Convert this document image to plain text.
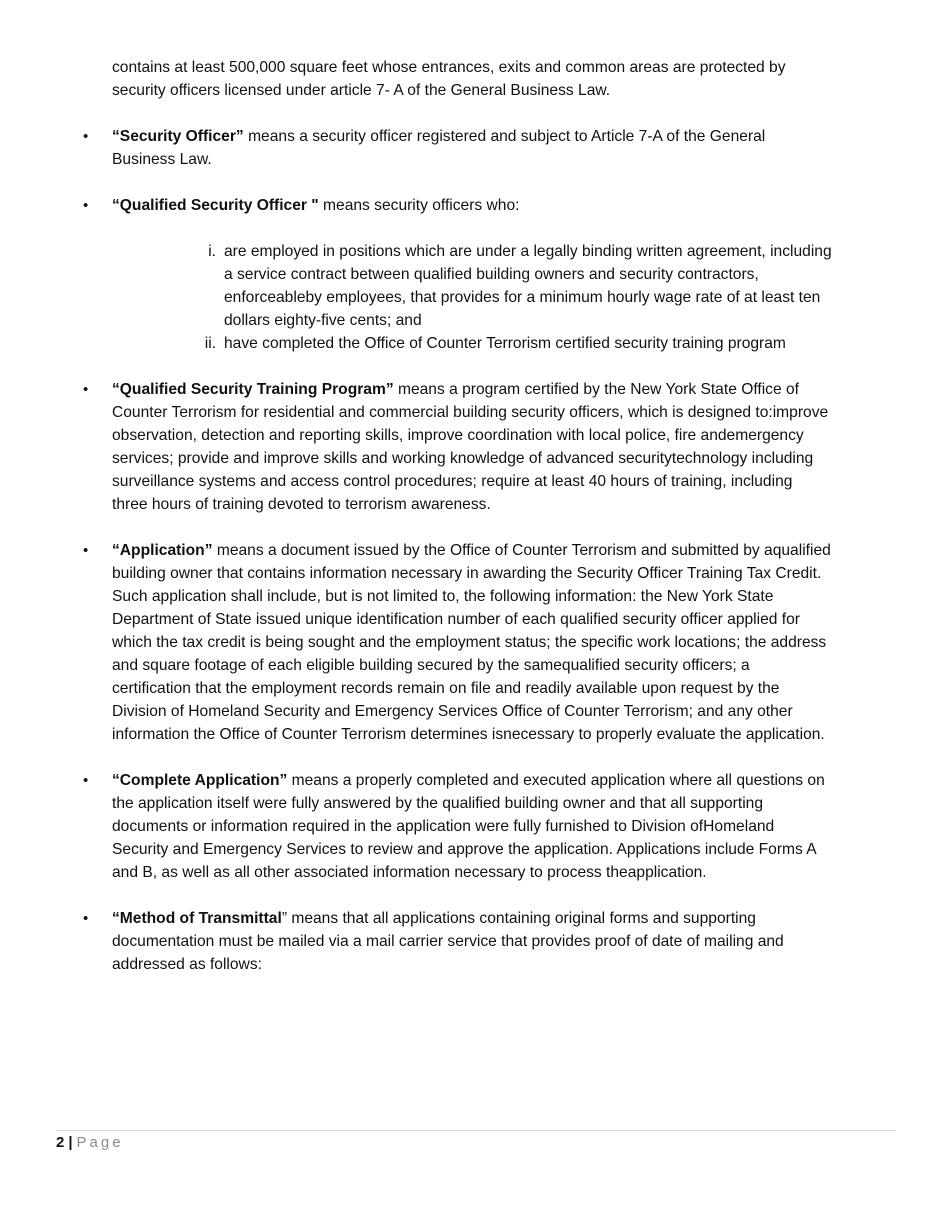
contains at least 500,000 square feet whose entrances, exits and common areas are protected by security officers licensed under article 7- A of the General Business Law.

•	“Security Officer” means a security officer registered and subject to Article 7-A of the General Business Law.
•	“Qualified Security Officer " means security officers who:
i. are employed in positions which are under a legally binding written agreement, including a service contract between qualified building owners and security contractors, enforceableby employees, that provides for a minimum hourly wage rate of at least ten dollars eighty-five cents; and
ii. have completed the Office of Counter Terrorism certified security training program
•	“Qualified Security Training Program” means a program certified by the New York State Office of Counter Terrorism for residential and commercial building security officers, which is designed to:improve observation, detection and reporting skills, improve coordination with local police, fire andemergency services; provide and improve skills and working knowledge of advanced securitytechnology including surveillance systems and access control procedures; require at least 40 hours of training, including three hours of training devoted to terrorism awareness.
•	“Application” means a document issued by the Office of Counter Terrorism and submitted by aqualified building owner that contains information necessary in awarding the Security Officer Training Tax Credit. Such application shall include, but is not limited to, the following information: the New York State Department of State issued unique identification number of each qualified security officer applied for which the tax credit is being sought and the employment status; the specific work locations; the address and square footage of each eligible building secured by the samequalified security officers; a certification that the employment records remain on file and readily available upon request by the Division of Homeland Security and Emergency Services Office of Counter Terrorism; and any other information the Office of Counter Terrorism determines isnecessary to properly evaluate the application.
•	“Complete Application” means a properly completed and executed application where all questions on the application itself were fully answered by the qualified building owner and that all supporting documents or information required in the application were fully furnished to Division ofHomeland Security and Emergency Services to review and approve the application. Applications include Forms A and B, as well as all other associated information necessary to process theapplication.
•	“Method of Transmittal” means that all applications containing original forms and supporting documentation must be mailed via a mail carrier service that provides proof of date of mailing and addressed as follows:
2 | Page
